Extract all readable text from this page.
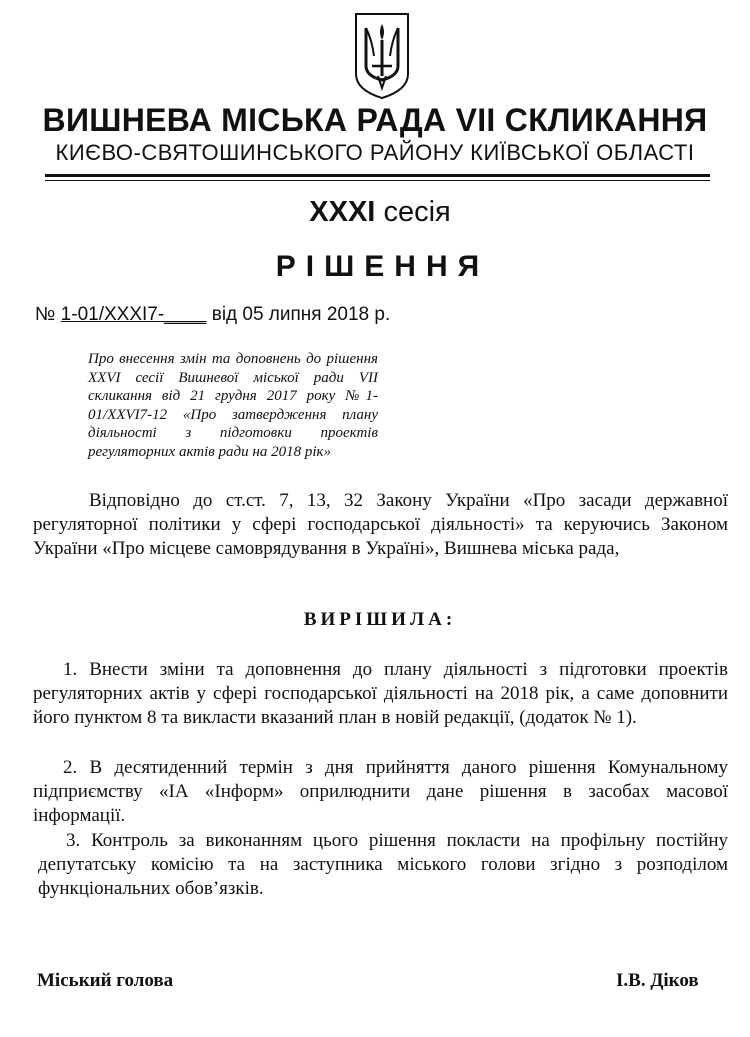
ВИШНЕВА МІСЬКА РАДА VII СКЛИКАННЯ
КИЄВО-СВЯТОШИНСЬКОГО РАЙОНУ КИЇВСЬКОЇ ОБЛАСТІ
XXXI сесія
РІШЕННЯ
№ 1-01/XXXI7-____ від 05 липня 2018 р.
Про внесення змін та доповнень до рішення XXVI сесії Вишневої міської ради VII скликання від 21 грудня 2017 року №1-01/XXVI7-12 «Про затвердження плану діяльності з підготовки проектів регуляторних актів ради на 2018 рік»
Відповідно до ст.ст. 7, 13, 32 Закону України «Про засади державної регуляторної політики у сфері господарської діяльності» та керуючись Законом України «Про місцеве самоврядування в Україні», Вишнева міська рада,
ВИРІШИЛА:
1. Внести зміни та доповнення до плану діяльності з підготовки проектів регуляторних актів у сфері господарської діяльності на 2018 рік, а саме доповнити його пунктом 8 та викласти вказаний план в новій редакції, (додаток № 1).
2. В десятиденний термін з дня прийняття даного рішення Комунальному підприємству «ІА «Інформ» оприлюднити дане рішення в засобах масової інформації.
3. Контроль за виконанням цього рішення покласти на профільну постійну депутатську комісію та на заступника міського голови згідно з розподілом функціональних обов’язків.
Міський голова	І.В. Діков
